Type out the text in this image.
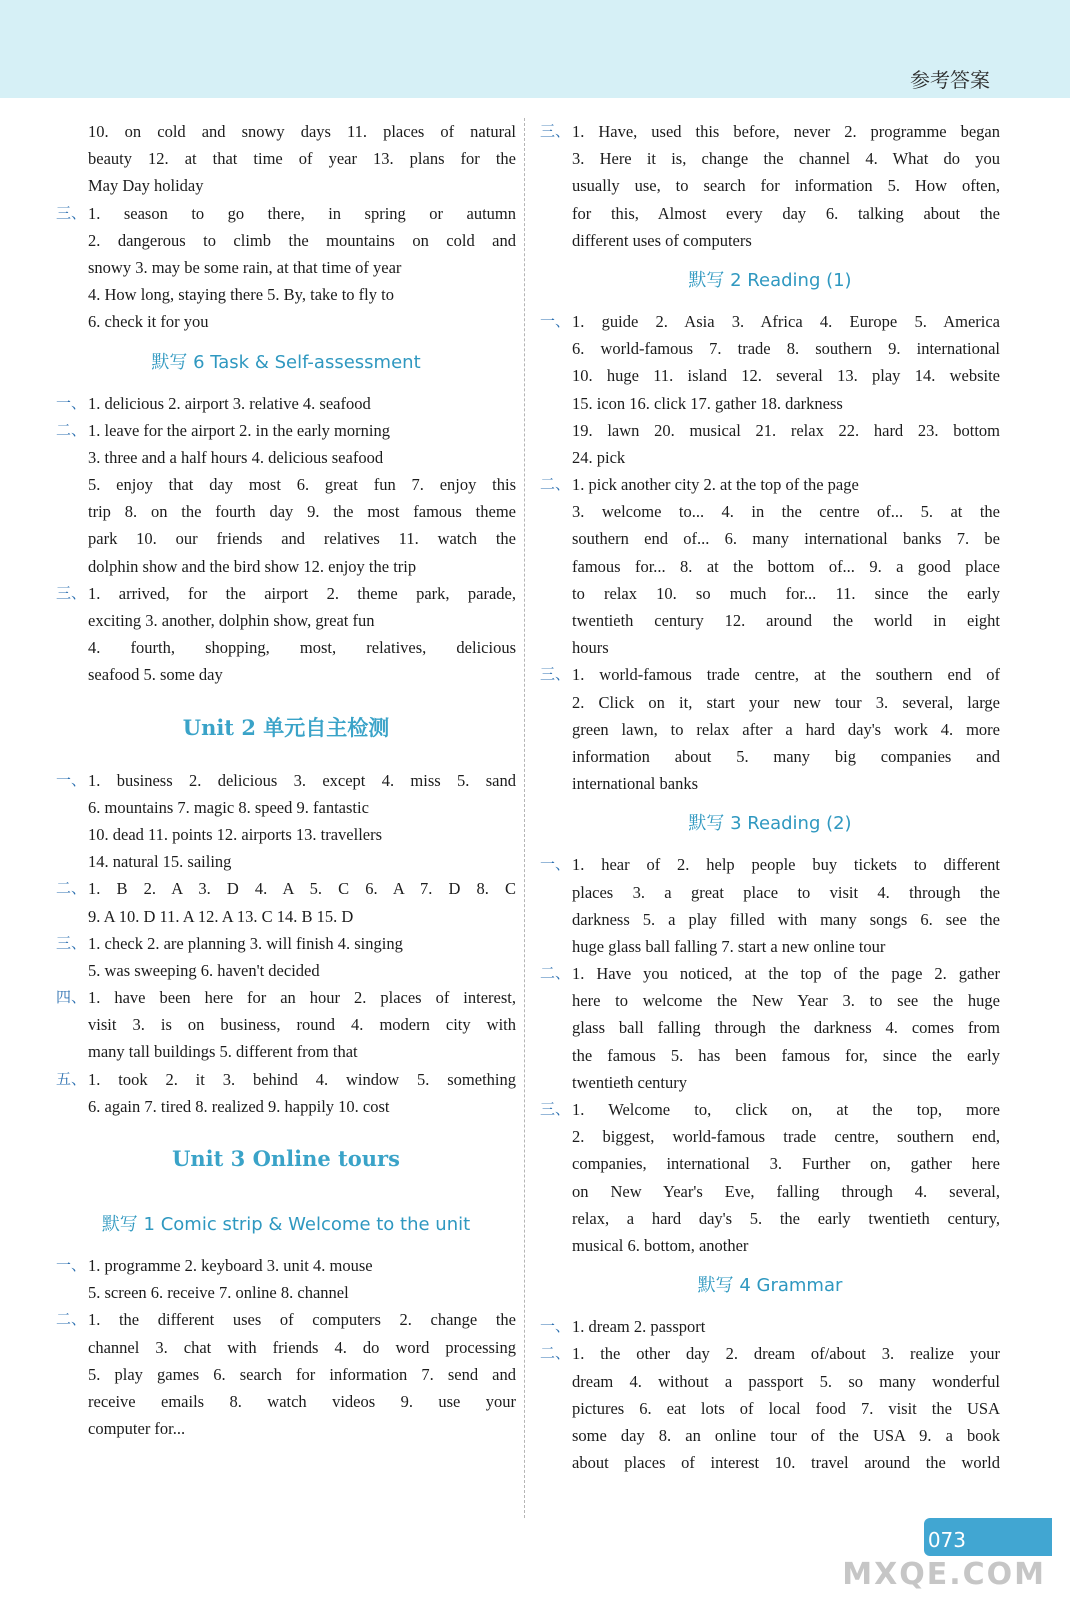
参考答案
10. on cold and snowy days 11. places of natural
beauty 12. at that time of year 13. plans for the
May Day holiday
三、 1. season to go there, in spring or autumn
2. dangerous to climb the mountains on cold and
snowy 3. may be some rain, at that time of year
4. How long, staying there 5. By, take to fly to
6. check it for you
默写 6 Task & Self-assessment
一、 1. delicious 2. airport 3. relative 4. seafood
二、 1. leave for the airport 2. in the early morning
3. three and a half hours 4. delicious seafood
5. enjoy that day most 6. great fun 7. enjoy this
trip 8. on the fourth day 9. the most famous theme
park 10. our friends and relatives 11. watch the
dolphin show and the bird show 12. enjoy the trip
三、 1. arrived, for the airport 2. theme park, parade,
exciting 3. another, dolphin show, great fun
4. fourth, shopping, most, relatives, delicious
seafood 5. some day
Unit 2 单元自主检测
一、 1. business 2. delicious 3. except 4. miss 5. sand
6. mountains 7. magic 8. speed 9. fantastic
10. dead 11. points 12. airports 13. travellers
14. natural 15. sailing
二、 1. B 2. A 3. D 4. A 5. C 6. A 7. D 8. C
9. A 10. D 11. A 12. A 13. C 14. B 15. D
三、 1. check 2. are planning 3. will finish 4. singing
5. was sweeping 6. haven't decided
四、 1. have been here for an hour 2. places of interest,
visit 3. is on business, round 4. modern city with
many tall buildings 5. different from that
五、 1. took 2. it 3. behind 4. window 5. something
6. again 7. tired 8. realized 9. happily 10. cost
Unit 3 Online tours
默写 1 Comic strip & Welcome to the unit
一、 1. programme 2. keyboard 3. unit 4. mouse
5. screen 6. receive 7. online 8. channel
二、 1. the different uses of computers 2. change the
channel 3. chat with friends 4. do word processing
5. play games 6. search for information 7. send and
receive emails 8. watch videos 9. use your
computer for...
三、 1. Have, used this before, never 2. programme began
3. Here it is, change the channel 4. What do you
usually use, to search for information 5. How often,
for this, Almost every day 6. talking about the
different uses of computers
默写 2 Reading (1)
一、 1. guide 2. Asia 3. Africa 4. Europe 5. America
6. world-famous 7. trade 8. southern 9. international
10. huge 11. island 12. several 13. play 14. website
15. icon 16. click 17. gather 18. darkness
19. lawn 20. musical 21. relax 22. hard 23. bottom
24. pick
二、 1. pick another city 2. at the top of the page
3. welcome to... 4. in the centre of... 5. at the
southern end of... 6. many international banks 7. be
famous for... 8. at the bottom of... 9. a good place
to relax 10. so much for... 11. since the early
twentieth century 12. around the world in eight
hours
三、 1. world-famous trade centre, at the southern end of
2. Click on it, start your new tour 3. several, large
green lawn, to relax after a hard day's work 4. more
information about 5. many big companies and
international banks
默写 3 Reading (2)
一、 1. hear of 2. help people buy tickets to different
places 3. a great place to visit 4. through the
darkness 5. a play filled with many songs 6. see the
huge glass ball falling 7. start a new online tour
二、 1. Have you noticed, at the top of the page 2. gather
here to welcome the New Year 3. to see the huge
glass ball falling through the darkness 4. comes from
the famous 5. has been famous for, since the early
twentieth century
三、 1. Welcome to, click on, at the top, more
2. biggest, world-famous trade centre, southern end,
companies, international 3. Further on, gather here
on New Year's Eve, falling through 4. several,
relax, a hard day's 5. the early twentieth century,
musical 6. bottom, another
默写 4 Grammar
一、 1. dream 2. passport
二、 1. the other day 2. dream of/about 3. realize your
dream 4. without a passport 5. so many wonderful
pictures 6. eat lots of local food 7. visit the USA
some day 8. an online tour of the USA 9. a book
about places of interest 10. travel around the world
073
MXQE.COM
